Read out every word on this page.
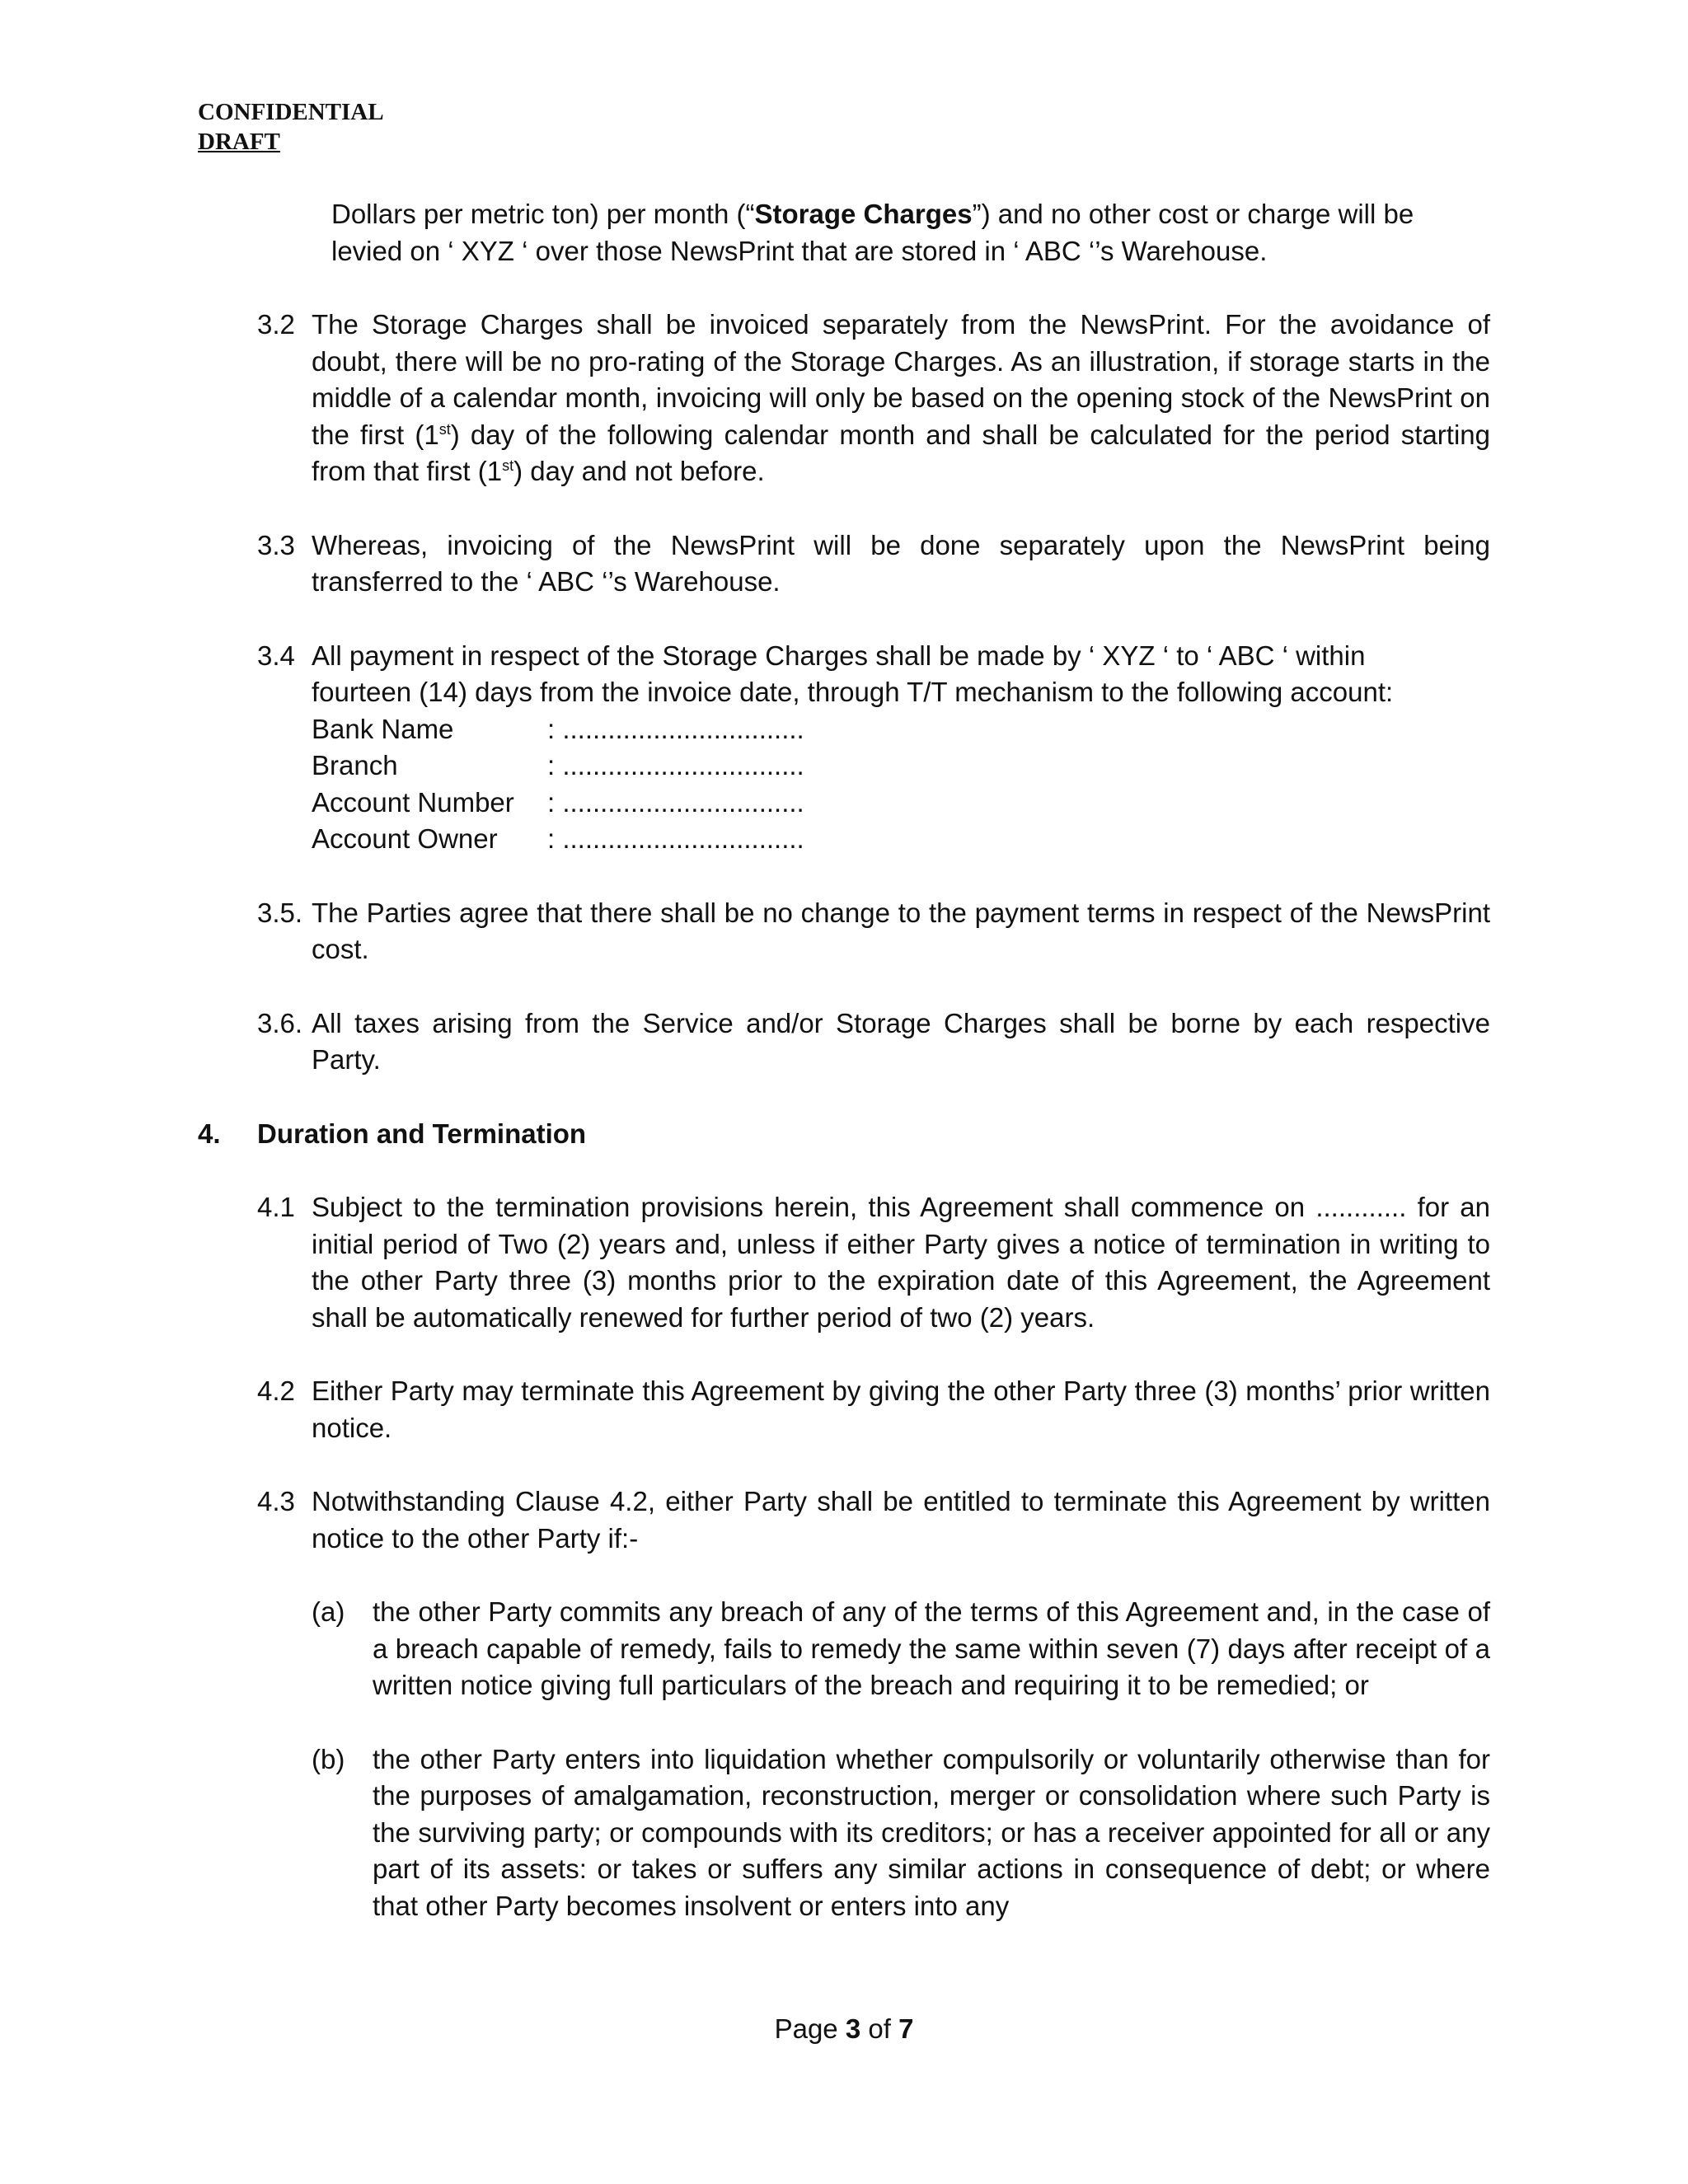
CONFIDENTIAL
DRAFT
Dollars per metric ton) per month (“Storage Charges”) and no other cost or charge will be
levied on ‘ XYZ ‘ over those NewsPrint that are stored in ‘ ABC ‘’s Warehouse.
3.2 The Storage Charges shall be invoiced separately from the NewsPrint. For the avoidance of doubt, there will be no pro-rating of the Storage Charges. As an illustration, if storage starts in the middle of a calendar month, invoicing will only be based on the opening stock of the NewsPrint on the first (1st) day of the following calendar month and shall be calculated for the period starting from that first (1st) day and not before.
3.3 Whereas, invoicing of the NewsPrint will be done separately upon the NewsPrint being transferred to the ‘ ABC ‘’s Warehouse.
3.4 All payment in respect of the Storage Charges shall be made by ‘ XYZ ‘ to ‘ ABC ‘ within
fourteen (14) days from the invoice date, through T/T mechanism to the following account:
Bank Name	: ................................
Branch	: ................................
Account Number	: ................................
Account Owner	: ................................
3.5. The Parties agree that there shall be no change to the payment terms in respect of the NewsPrint cost.
3.6. All taxes arising from the Service and/or Storage Charges shall be borne by each respective Party.
4.	Duration and Termination
4.1 Subject to the termination provisions herein, this Agreement shall commence on ............ for an initial period of Two (2) years and, unless if either Party gives a notice of termination in writing to the other Party three (3) months prior to the expiration date of this Agreement, the Agreement shall be automatically renewed for further period of two (2) years.
4.2 Either Party may terminate this Agreement by giving the other Party three (3) months’ prior written notice.
4.3 Notwithstanding Clause 4.2, either Party shall be entitled to terminate this Agreement by written notice to the other Party if:-
(a)	the other Party commits any breach of any of the terms of this Agreement and, in the case of a breach capable of remedy, fails to remedy the same within seven (7) days after receipt of a written notice giving full particulars of the breach and requiring it to be remedied; or
(b)	the other Party enters into liquidation whether compulsorily or voluntarily otherwise than for the purposes of amalgamation, reconstruction, merger or consolidation where such Party is the surviving party; or compounds with its creditors; or has a receiver appointed for all or any part of its assets: or takes or suffers any similar actions in consequence of debt; or where that other Party becomes insolvent or enters into any
Page 3 of 7
